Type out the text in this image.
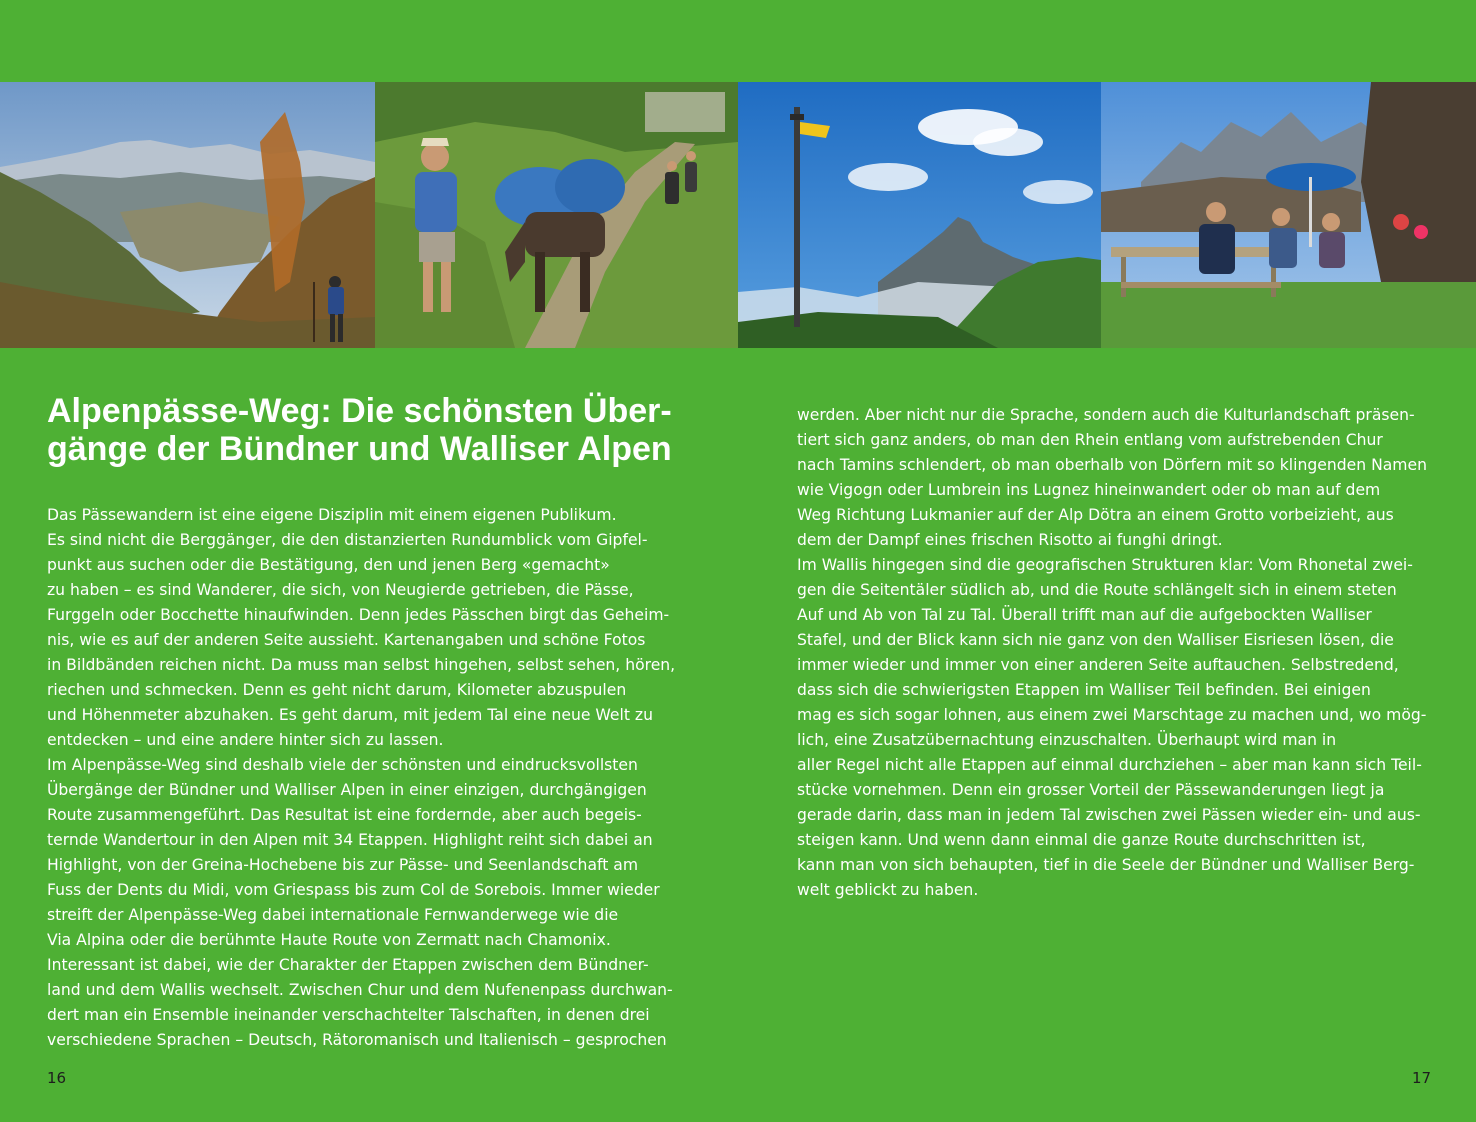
Alpenpässe-Weg: Die schönsten Über-
gänge der Bündner und Walliser Alpen
Das Pässewandern ist eine eigene Disziplin mit einem eigenen Publikum.
Es sind nicht die Berggänger, die den distanzierten Rundumblick vom Gipfel-
punkt aus suchen oder die Bestätigung, den und jenen Berg «gemacht»
zu haben – es sind Wanderer, die sich, von Neugierde getrieben, die Pässe,
Furggeln oder Bocchette hinaufwinden. Denn jedes Pässchen birgt das Geheim-
nis, wie es auf der anderen Seite aussieht. Kartenangaben und schöne Fotos
in Bildbänden reichen nicht. Da muss man selbst hingehen, selbst sehen, hören,
riechen und schmecken. Denn es geht nicht darum, Kilometer abzuspulen
und Höhenmeter abzuhaken. Es geht darum, mit jedem Tal eine neue Welt zu
entdecken – und eine andere hinter sich zu lassen.
Im Alpenpässe-Weg sind deshalb viele der schönsten und eindrucksvollsten
Übergänge der Bündner und Walliser Alpen in einer einzigen, durchgängigen
Route zusammengeführt. Das Resultat ist eine fordernde, aber auch begeis-
ternde Wandertour in den Alpen mit 34 Etappen. Highlight reiht sich dabei an
Highlight, von der Greina-Hochebene bis zur Pässe- und Seenlandschaft am
Fuss der Dents du Midi, vom Griespass bis zum Col de Sorebois. Immer wieder
streift der Alpenpässe-Weg dabei internationale Fernwanderwege wie die
Via Alpina oder die berühmte Haute Route von Zermatt nach Chamonix.
Interessant ist dabei, wie der Charakter der Etappen zwischen dem Bündner-
land und dem Wallis wechselt. Zwischen Chur und dem Nufenenpass durchwan-
dert man ein Ensemble ineinander verschachtelter Talschaften, in denen drei
verschiedene Sprachen – Deutsch, Rätoromanisch und Italienisch – gesprochen
werden. Aber nicht nur die Sprache, sondern auch die Kulturlandschaft präsen-
tiert sich ganz anders, ob man den Rhein entlang vom aufstrebenden Chur
nach Tamins schlendert, ob man oberhalb von Dörfern mit so klingenden Namen
wie Vigogn oder Lumbrein ins Lugnez hineinwandert oder ob man auf dem
Weg Richtung Lukmanier auf der Alp Dötra an einem Grotto vorbeizieht, aus
dem der Dampf eines frischen Risotto ai funghi dringt.
Im Wallis hingegen sind die geografischen Strukturen klar: Vom Rhonetal zwei-
gen die Seitentäler südlich ab, und die Route schlängelt sich in einem steten
Auf und Ab von Tal zu Tal. Überall trifft man auf die aufgebockten Walliser
Stafel, und der Blick kann sich nie ganz von den Walliser Eisriesen lösen, die
immer wieder und immer von einer anderen Seite auftauchen. Selbstredend,
dass sich die schwierigsten Etappen im Walliser Teil befinden. Bei einigen
mag es sich sogar lohnen, aus einem zwei Marschtage zu machen und, wo mög-
lich, eine Zusatzübernachtung einzuschalten. Überhaupt wird man in
aller Regel nicht alle Etappen auf einmal durchziehen – aber man kann sich Teil-
stücke vornehmen. Denn ein grosser Vorteil der Pässewanderungen liegt ja
gerade darin, dass man in jedem Tal zwischen zwei Pässen wieder ein- und aus-
steigen kann. Und wenn dann einmal die ganze Route durchschritten ist,
kann man von sich behaupten, tief in die Seele der Bündner und Walliser Berg-
welt geblickt zu haben.
16	17
